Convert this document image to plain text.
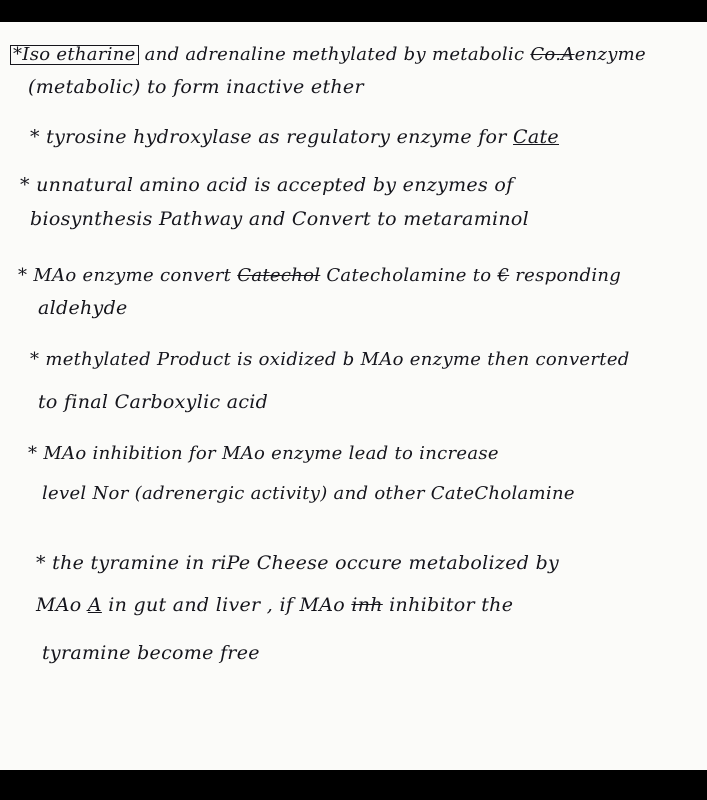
*Iso etharine and adrenaline methylated by metabolic Co.Aenzyme
(metabolic) to form inactive ether
* tyrosine hydroxylase as regulatory enzyme for Cate
* unnatural amino acid is accepted by enzymes of
biosynthesis Pathway and Convert to metaraminol
* MAo enzyme convert Catechol Catecholamine to € responding
aldehyde
* methylated Product is oxidized b MAo enzyme then converted
to final Carboxylic acid
* MAo inhibition for MAo enzyme lead to increase
level Nor (adrenergic activity) and other CateCholamine
* the tyramine in riPe Cheese occure metabolized by
MAo A in gut and liver , if MAo inh inhibitor the
tyramine become free
